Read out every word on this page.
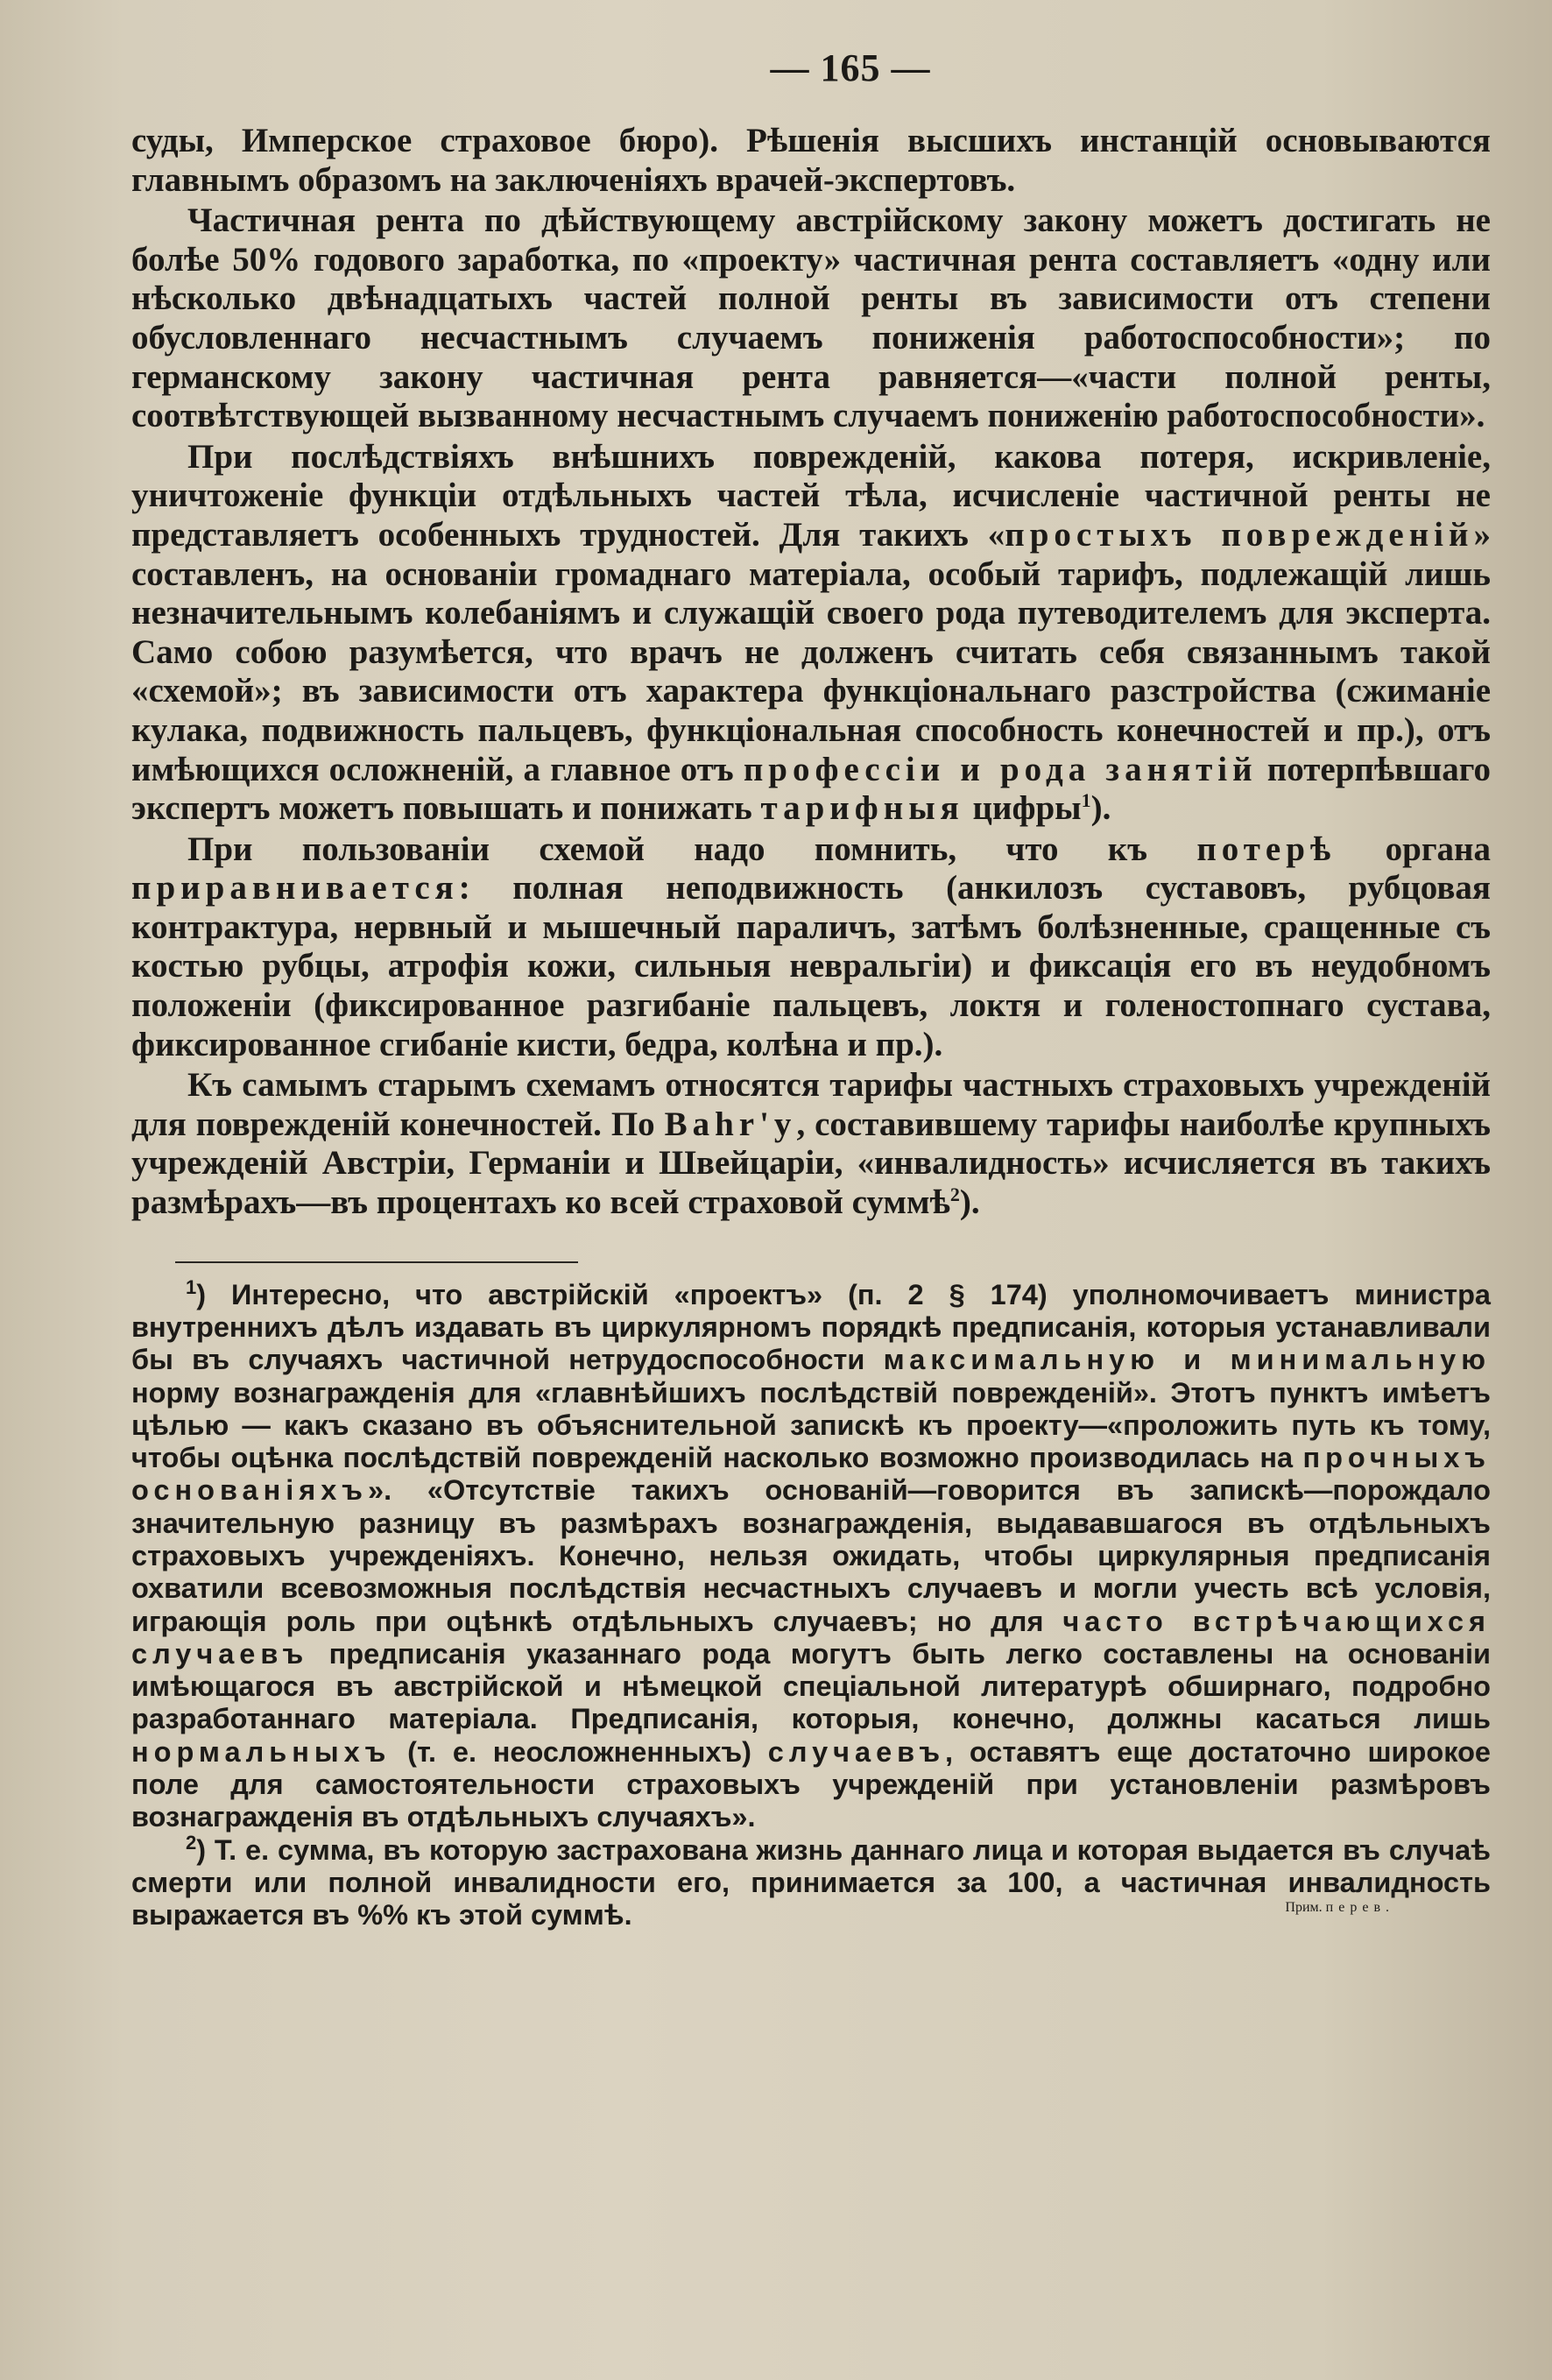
— 165 —

суды, Имперское страховое бюро). Рѣшенія высшихъ инстанцій основываются главнымъ образомъ на заключеніяхъ врачей-экспертовъ.

Частичная рента по дѣйствующему австрійскому закону можетъ достигать не болѣе 50% годового заработка, по «проекту» частичная рента составляетъ «одну или нѣсколько двѣнадцатыхъ частей полной ренты въ зависимости отъ степени обусловленнаго несчастнымъ случаемъ пониженія работоспособности»; по германскому закону частичная рента равняется—«части полной ренты, соотвѣтствующей вызванному несчастнымъ случаемъ пониженію работоспособности».

При послѣдствіяхъ внѣшнихъ поврежденій, какова потеря, искривленіе, уничтоженіе функціи отдѣльныхъ частей тѣла, исчисленіе частичной ренты не представляетъ особенныхъ трудностей. Для такихъ «простыхъ поврежденій» составленъ, на основаніи громаднаго матеріала, особый тарифъ, подлежащій лишь незначительнымъ колебаніямъ и служащій своего рода путеводителемъ для эксперта. Само собою разумѣется, что врачъ не долженъ считать себя связаннымъ такой «схемой»; въ зависимости отъ характера функціональнаго разстройства (сжиманіе кулака, подвижность пальцевъ, функціональная способность конечностей и пр.), отъ имѣющихся осложненій, а главное отъ профессіи и рода занятій потерпѣвшаго экспертъ можетъ повышать и понижать тарифныя цифры$^1$).

При пользованіи схемой надо помнить, что къ потерѣ органа приравнивается: полная неподвижность (анкилозъ суставовъ, рубцовая контрактура, нервный и мышечный параличъ, затѣмъ болѣзненные, сращенные съ костью рубцы, атрофія кожи, сильныя невральгіи) и фиксація его въ неудобномъ положеніи (фиксированное разгибаніе пальцевъ, локтя и голеностопнаго сустава, фиксированное сгибаніе кисти, бедра, колѣна и пр.).

Къ самымъ старымъ схемамъ относятся тарифы частныхъ страховыхъ учрежденій для поврежденій конечностей. По Bahr'у, составившему тарифы наиболѣе крупныхъ учрежденій Австріи, Германіи и Швейцаріи, «инвалидность» исчисляется въ такихъ размѣрахъ—въ процентахъ ко всей страховой суммѣ$^2$).

$^1$) Интересно, что австрійскій «проектъ» (п. 2 § 174) уполномочиваетъ министра внутреннихъ дѣлъ издавать въ циркулярномъ порядкѣ предписанія, которыя устанавливали бы въ случаяхъ частичной нетрудоспособности максимальную и минимальную норму вознагражденія для «главнѣйшихъ послѣдствій поврежденій». Этотъ пунктъ имѣетъ цѣлью — какъ сказано въ объяснительной запискѣ къ проекту—«проложить путь къ тому, чтобы оцѣнка послѣдствій поврежденій насколько возможно производилась на прочныхъ основаніяхъ». «Отсутствіе такихъ основаній—говорится въ запискѣ—порождало значительную разницу въ размѣрахъ вознагражденія, выдававшагося въ отдѣльныхъ страховыхъ учрежденіяхъ. Конечно, нельзя ожидать, чтобы циркулярныя предписанія охватили всевозможныя послѣдствія несчастныхъ случаевъ и могли учесть всѣ условія, играющія роль при оцѣнкѣ отдѣльныхъ случаевъ; но для часто встрѣчающихся случаевъ предписанія указаннаго рода могутъ быть легко составлены на основаніи имѣющагося въ австрійской и нѣмецкой спеціальной литературѣ обширнаго, подробно разработаннаго матеріала. Предписанія, которыя, конечно, должны касаться лишь нормальныхъ (т. е. неосложненныхъ) случаевъ, оставятъ еще достаточно широкое поле для самостоятельности страховыхъ учрежденій при установленіи размѣровъ вознагражденія въ отдѣльныхъ случаяхъ».

$^2$) Т. е. сумма, въ которую застрахована жизнь даннаго лица и которая выдается въ случаѣ смерти или полной инвалидности его, принимается за 100, а частичная инвалидность выражается въ %% къ этой суммѣ.	Прим. перев.
